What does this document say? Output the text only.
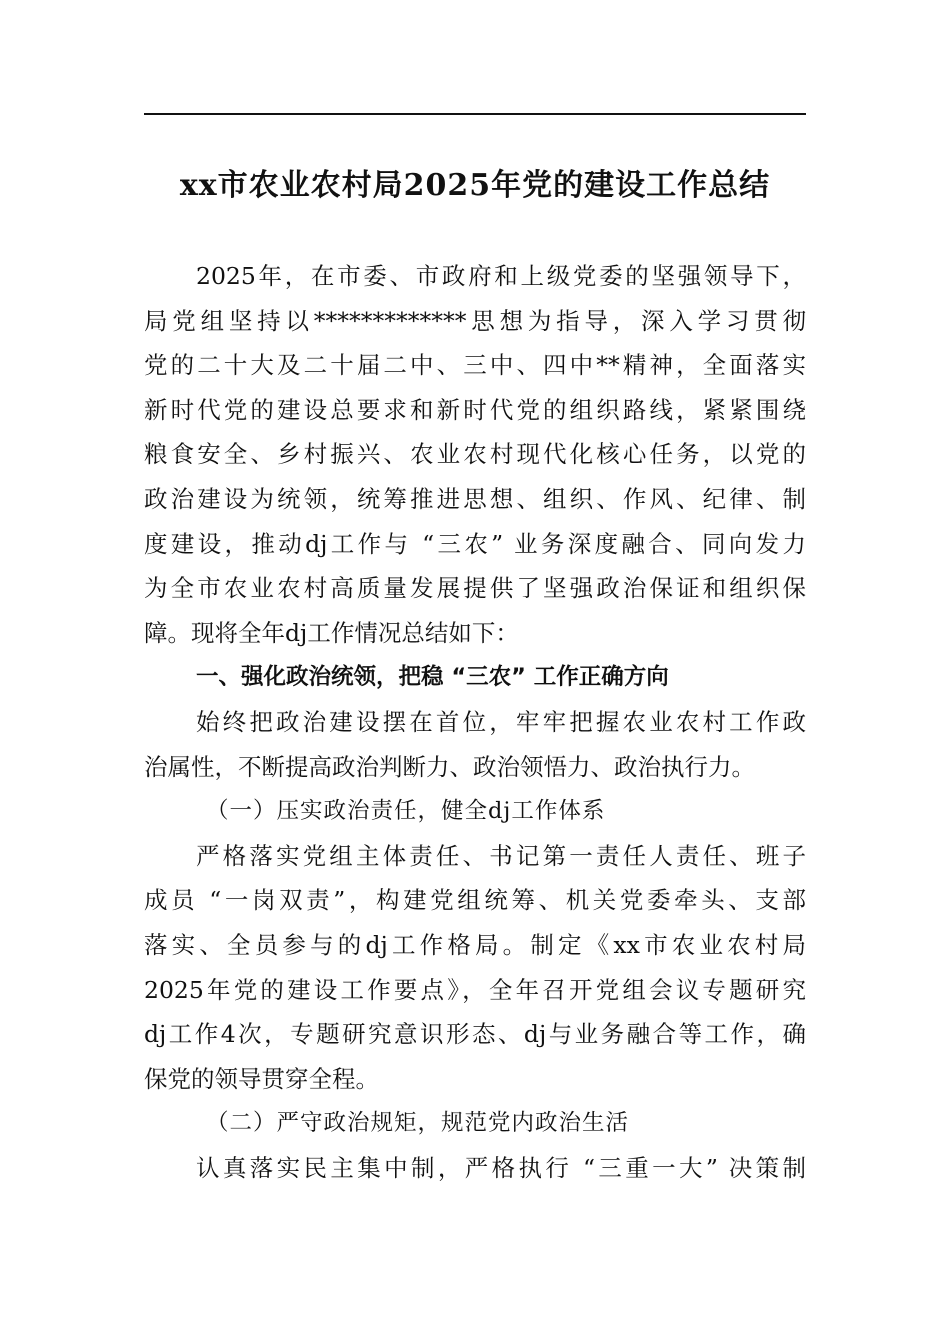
xx市农业农村局2025年党的建设工作总结
2025年，在市委、市政府和上级党委的坚强领导下，
局党组坚持以*************思想为指导，深入学习贯彻
党的二十大及二十届二中、三中、四中**精神，全面落实
新时代党的建设总要求和新时代党的组织路线，紧紧围绕
粮食安全、乡村振兴、农业农村现代化核心任务，以党的
政治建设为统领，统筹推进思想、组织、作风、纪律、制
度建设，推动dj工作与 “三农” 业务深度融合、同向发力
为全市农业农村高质量发展提供了坚强政治保证和组织保
障。现将全年dj工作情况总结如下：
一、强化政治统领，把稳 “三农” 工作正确方向
始终把政治建设摆在首位，牢牢把握农业农村工作政
治属性，不断提高政治判断力、政治领悟力、政治执行力。
（一）压实政治责任，健全dj工作体系
严格落实党组主体责任、书记第一责任人责任、班子
成员 “一岗双责”，构建党组统筹、机关党委牵头、支部
落实、全员参与的dj工作格局。制定《xx市农业农村局
2025年党的建设工作要点》，全年召开党组会议专题研究
dj工作4次，专题研究意识形态、dj与业务融合等工作，确
保党的领导贯穿全程。
（二）严守政治规矩，规范党内政治生活
认真落实民主集中制，严格执行 “三重一大” 决策制
